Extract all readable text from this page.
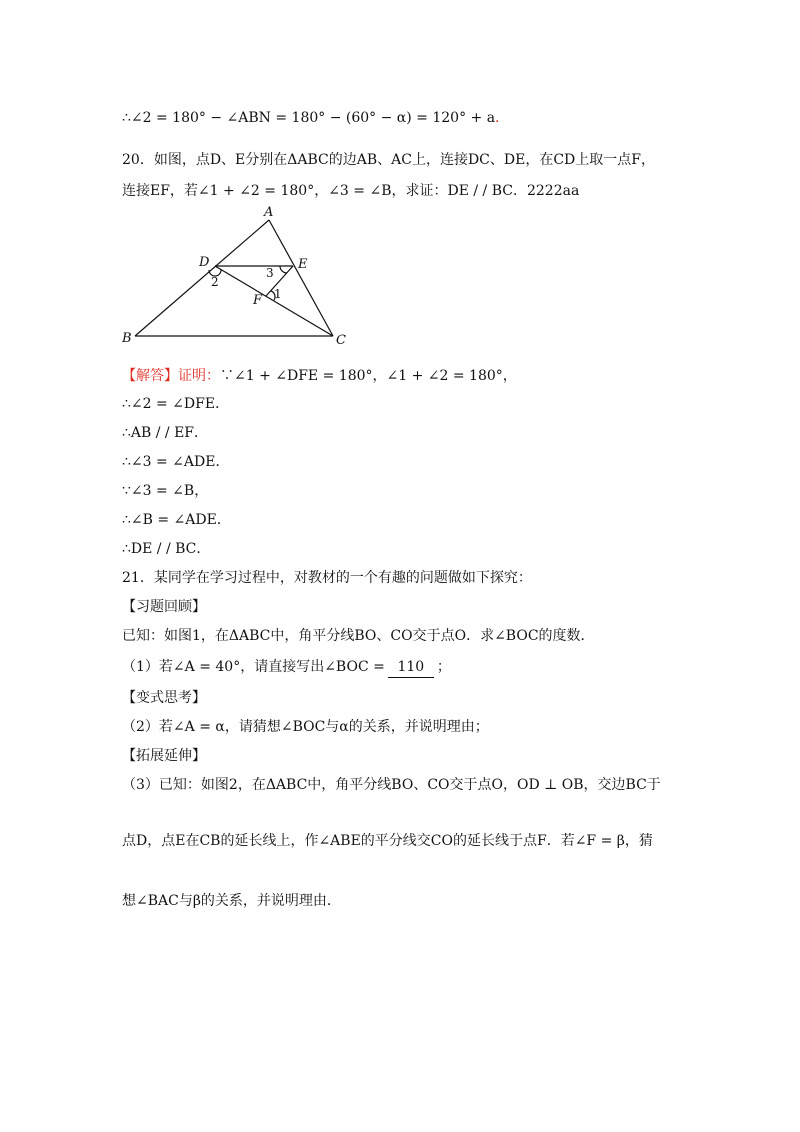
∴∠2 = 180° − ∠ABN = 180° − (60° − α) = 120° + a.
20．如图，点D、E分别在ΔABC的边AB、AC上，连接DC、DE，在CD上取一点F，
连接EF，若∠1 + ∠2 = 180°，∠3 = ∠B，求证：DE / / BC．2222aa
A
B	C
D	E
F 1
2
3
【解答】证明：∵∠1 + ∠DFE = 180°，∠1 + ∠2 = 180°，
∴∠2 = ∠DFE．
∴AB / / EF．
∴∠3 = ∠ADE．
∵∠3 = ∠B，
∴∠B = ∠ADE．
∴DE / / BC．
21．某同学在学习过程中，对教材的一个有趣的问题做如下探究：
【习题回顾】
已知：如图1，在ΔABC中，角平分线BO、CO交于点O．求∠BOC的度数．
（1）若∠A = 40°，请直接写出∠BOC = 110 ；
【变式思考】
（2）若∠A = α，请猜想∠BOC与α的关系，并说明理由；
【拓展延伸】
（3）已知：如图2，在ΔABC中，角平分线BO、CO交于点O，OD ⊥ OB，交边BC于
点D，点E在CB的延长线上，作∠ABE的平分线交CO的延长线于点F．若∠F = β，猜
想∠BAC与β的关系，并说明理由．
